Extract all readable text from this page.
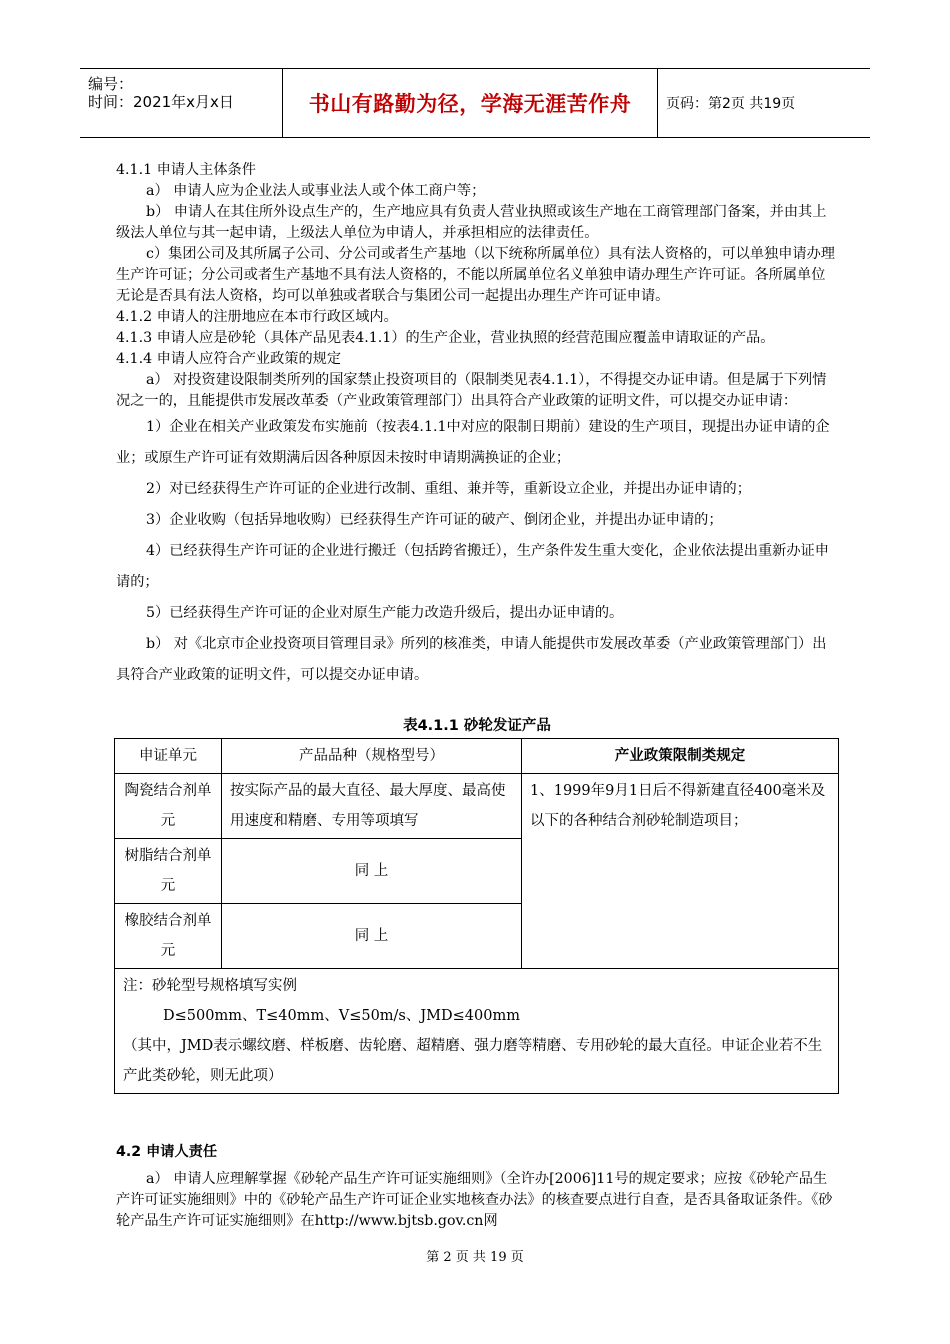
编号：
时间：2021年x月x日	书山有路勤为径，学海无涯苦作舟 页码：第2页 共19页

4.1.1 申请人主体条件

a） 申请人应为企业法人或事业法人或个体工商户等；

b） 申请人在其住所外设点生产的，生产地应具有负责人营业执照或该生产地在工商管理部门备案，并由其上级法人单位与其一起申请，上级法人单位为申请人，并承担相应的法律责任。

c）集团公司及其所属子公司、分公司或者生产基地（以下统称所属单位）具有法人资格的，可以单独申请办理生产许可证；分公司或者生产基地不具有法人资格的，不能以所属单位名义单独申请办理生产许可证。各所属单位无论是否具有法人资格，均可以单独或者联合与集团公司一起提出办理生产许可证申请。

4.1.2 申请人的注册地应在本市行政区域内。

4.1.3 申请人应是砂轮（具体产品见表4.1.1）的生产企业，营业执照的经营范围应覆盖申请取证的产品。

4.1.4 申请人应符合产业政策的规定

a） 对投资建设限制类所列的国家禁止投资项目的（限制类见表4.1.1），不得提交办证申请。但是属于下列情况之一的，且能提供市发展改革委（产业政策管理部门）出具符合产业政策的证明文件，可以提交办证申请：

1）企业在相关产业政策发布实施前（按表4.1.1中对应的限制日期前）建设的生产项目，现提出办证申请的企业；或原生产许可证有效期满后因各种原因未按时申请期满换证的企业；

2）对已经获得生产许可证的企业进行改制、重组、兼并等，重新设立企业，并提出办证申请的；

3）企业收购（包括异地收购）已经获得生产许可证的破产、倒闭企业，并提出办证申请的；

4）已经获得生产许可证的企业进行搬迁（包括跨省搬迁），生产条件发生重大变化，企业依法提出重新办证申请的；

5）已经获得生产许可证的企业对原生产能力改造升级后，提出办证申请的。

b） 对《北京市企业投资项目管理目录》所列的核准类，申请人能提供市发展改革委（产业政策管理部门）出具符合产业政策的证明文件，可以提交办证申请。

表4.1.1 砂轮发证产品
申证单元	产品品种（规格型号）	产业政策限制类规定
陶瓷结合剂单元	按实际产品的最大直径、最大厚度、最高使用速度和精磨、专用等项填写	1、1999年9月1日后不得新建直径400毫米及以下的各种结合剂砂轮制造项目；
树脂结合剂单元	同 上	
橡胶结合剂单元	同 上	

注：砂轮型号规格填写实例
D≤500mm、T≤40mm、V≤50m/s、JMD≤400mm
（其中，JMD表示螺纹磨、样板磨、齿轮磨、超精磨、强力磨等精磨、专用砂轮的最大直径。申证企业若不生产此类砂轮，则无此项）		
4.2 申请人责任

a） 申请人应理解掌握《砂轮产品生产许可证实施细则》（全许办[2006]11号的规定要求；应按《砂轮产品生产许可证实施细则》中的《砂轮产品生产许可证企业实地核查办法》的核查要点进行自查，是否具备取证条件。《砂轮产品生产许可证实施细则》在http://www.bjtsb.gov.cn网

第 2 页 共 19 页
